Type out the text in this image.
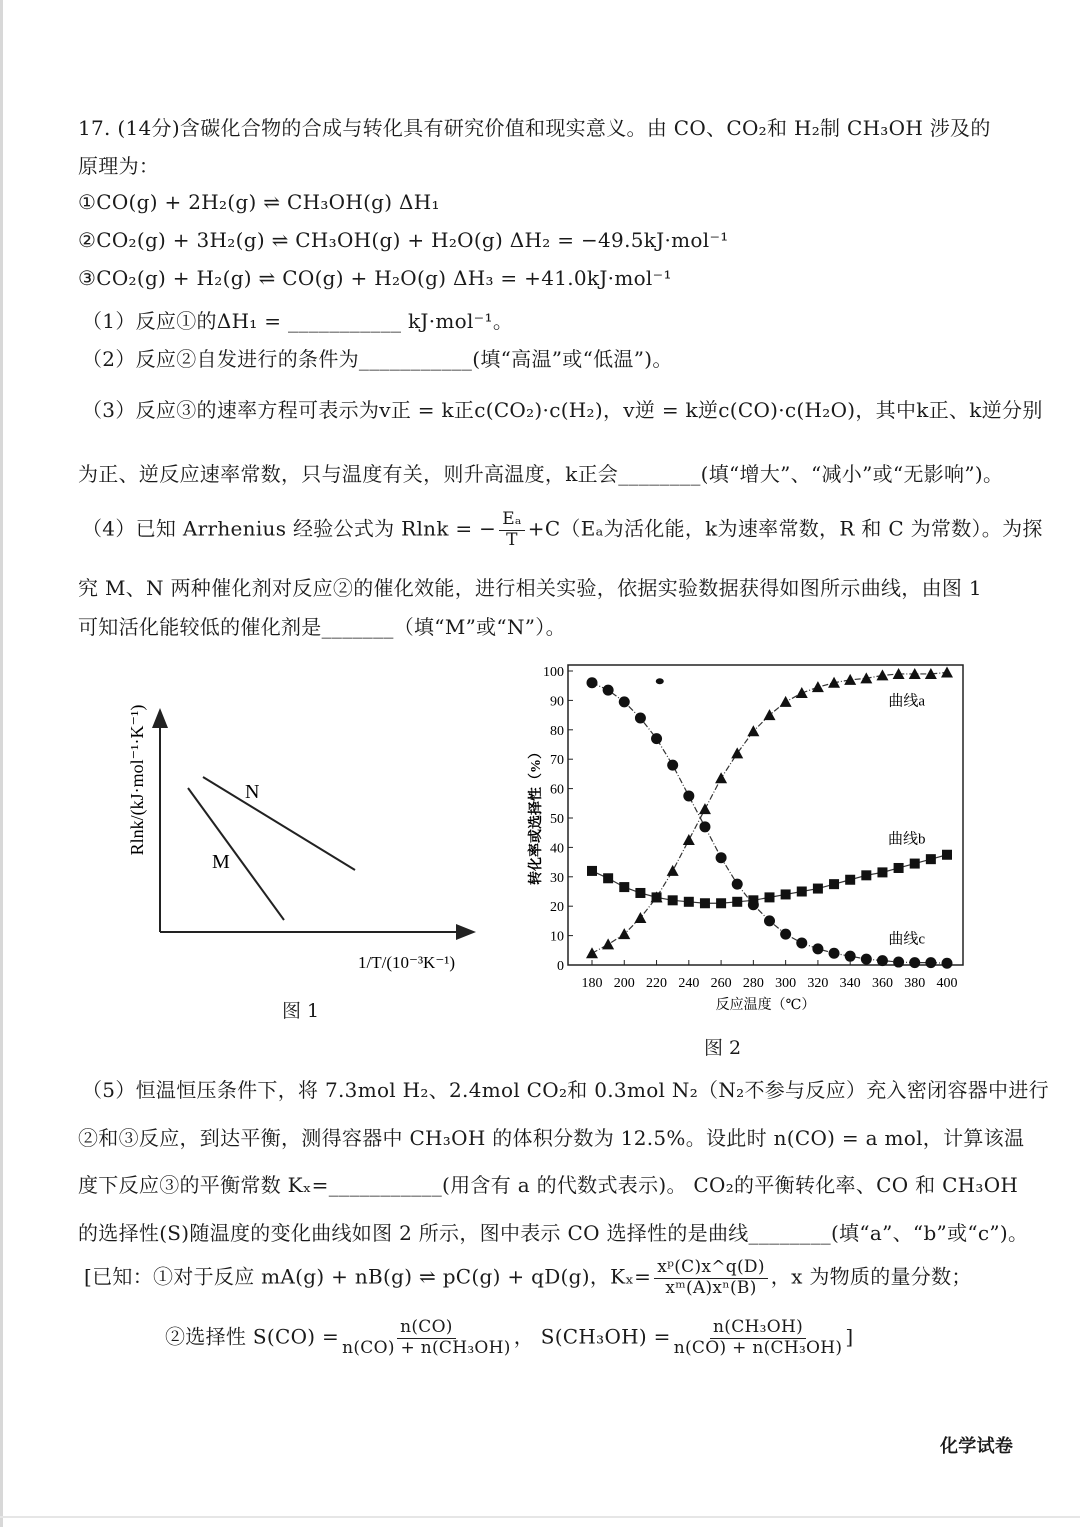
17. (14分)含碳化合物的合成与转化具有研究价值和现实意义。由 CO、CO₂和 H₂制 CH₃OH 涉及的
原理为：
①CO(g) + 2H₂(g) ⇌ CH₃OH(g) ΔH₁
②CO₂(g) + 3H₂(g) ⇌ CH₃OH(g) + H₂O(g) ΔH₂ = −49.5kJ·mol⁻¹
③CO₂(g) + H₂(g) ⇌ CO(g) + H₂O(g) ΔH₃ = +41.0kJ·mol⁻¹
（1）反应①的ΔH₁ = ___________ kJ·mol⁻¹。
（2）反应②自发进行的条件为___________(填“高温”或“低温”)。
（3）反应③的速率方程可表示为v正 = k正c(CO₂)·c(H₂)，v逆 = k逆c(CO)·c(H₂O)，其中k正、k逆分别
为正、逆反应速率常数，只与温度有关，则升高温度，k正会________(填“增大”、“减小”或“无影响”)。
（4）已知 Arrhenius 经验公式为 Rlnk = − $\frac{\text{Eₐ}}{T} +C(E_a$为活化能，k为速率常数，R 和 C 为常数）。为探
究 M、N 两种催化剂对反应②的催化效能，进行相关实验，依据实验数据获得如图所示曲线，由图 1
可知活化能较低的催化剂是_______（填“M”或“N”）。
N
M
Rlnk/(kJ·mol⁻¹·K⁻¹)
1/T/(10⁻³K⁻¹)
图 1
0
10
20
30
40
50
60
70
80
90
100
180 200 220 240 260 280 300 320 340 360 380 400
反应温度（℃）
转化率或选择性（%）
曲线a
曲线b
曲线c
图 2
（5）恒温恒压条件下，将 7.3mol H₂、2.4mol CO₂和 0.3mol N₂（N₂不参与反应）充入密闭容器中进行
②和③反应，到达平衡，测得容器中 CH₃OH 的体积分数为 12.5%。设此时 n(CO) = a mol，计算该温
度下反应③的平衡常数 Kₓ=___________(用含有 a 的代数式表示)。 CO₂的平衡转化率、CO 和 CH₃OH
的选择性(S)随温度的变化曲线如图 2 所示，图中表示 CO 选择性的是曲线________(填“a”、“b”或“c”)。
[已知：①对于反应 mA(g) + nB(g) ⇌ pC(g) + qD(g)，$K_x= \frac{\text{xᵖ(C)x\textasciicircum{}q(D)}}{\text{xᵐ(A)xⁿ(B)}}$ ，x 为物质的量分数；
②选择性 $S(CO) = \frac{n(CO)}{\text{n(CO) + n(CH₃OH)}}$ ， $S(CH_3OH) = \frac{\text{n(CH₃OH)}}{\text{n(CO) + n(CH₃OH)}}$ ]
化学试卷
